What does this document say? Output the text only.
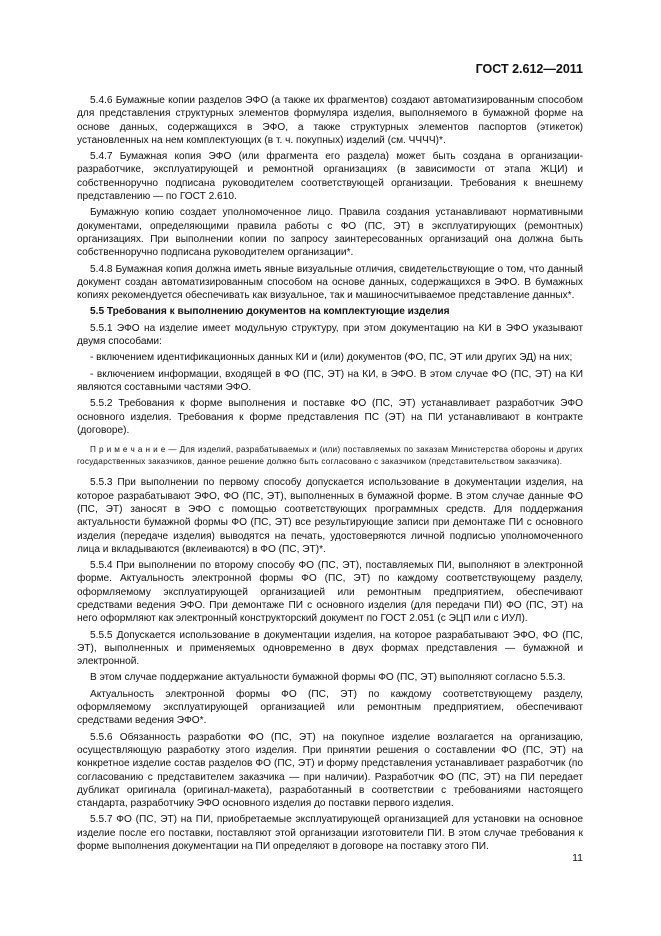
ГОСТ 2.612—2011

5.4.6 Бумажные копии разделов ЭФО (а также их фрагментов) создают автоматизированным способом для представления структурных элементов формуляра изделия, выполняемого в бумажной форме на основе данных, содержащихся в ЭФО, а также структурных элементов паспортов (этикеток) установленных на нем комплектующих (в т. ч. покупных) изделий (см. ЧЧЧЧ)*.

5.4.7 Бумажная копия ЭФО (или фрагмента его раздела) может быть создана в организации-разработчике, эксплуатирующей и ремонтной организациях (в зависимости от этапа ЖЦИ) и собственноручно подписана руководителем соответствующей организации. Требования к внешнему представлению — по ГОСТ 2.610.

Бумажную копию создает уполномоченное лицо. Правила создания устанавливают нормативными документами, определяющими правила работы с ФО (ПС, ЭТ) в эксплуатирующих (ремонтных) организациях. При выполнении копии по запросу заинтересованных организаций она должна быть собственноручно подписана руководителем организации*.

5.4.8 Бумажная копия должна иметь явные визуальные отличия, свидетельствующие о том, что данный документ создан автоматизированным способом на основе данных, содержащихся в ЭФО. В бумажных копиях рекомендуется обеспечивать как визуальное, так и машиносчитываемое представление данных*.

5.5 Требования к выполнению документов на комплектующие изделия

5.5.1 ЭФО на изделие имеет модульную структуру, при этом документацию на КИ в ЭФО указывают двумя способами:

- включением идентификационных данных КИ и (или) документов (ФО, ПС, ЭТ или других ЭД) на них;

- включением информации, входящей в ФО (ПС, ЭТ) на КИ, в ЭФО. В этом случае ФО (ПС, ЭТ) на КИ являются составными частями ЭФО.

5.5.2 Требования к форме выполнения и поставке ФО (ПС, ЭТ) устанавливает разработчик ЭФО основного изделия. Требования к форме представления ПС (ЭТ) на ПИ устанавливают в контракте (договоре).

П р и м е ч а н и е — Для изделий, разрабатываемых и (или) поставляемых по заказам Министерства обороны и других государственных заказчиков, данное решение должно быть согласовано с заказчиком (представительством заказчика).

5.5.3 При выполнении по первому способу допускается использование в документации изделия, на которое разрабатывают ЭФО, ФО (ПС, ЭТ), выполненных в бумажной форме. В этом случае данные ФО (ПС, ЭТ) заносят в ЭФО с помощью соответствующих программных средств. Для поддержания актуальности бумажной формы ФО (ПС, ЭТ) все результирующие записи при демонтаже ПИ с основного изделия (передаче изделия) выводятся на печать, удостоверяются личной подписью уполномоченного лица и вкладываются (вклеиваются) в ФО (ПС, ЭТ)*.

5.5.4 При выполнении по второму способу ФО (ПС, ЭТ), поставляемых ПИ, выполняют в электронной форме. Актуальность электронной формы ФО (ПС, ЭТ) по каждому соответствующему разделу, оформляемому эксплуатирующей организацией или ремонтным предприятием, обеспечивают средствами ведения ЭФО. При демонтаже ПИ с основного изделия (для передачи ПИ) ФО (ПС, ЭТ) на него оформляют как электронный конструкторский документ по ГОСТ 2.051 (с ЭЦП или с ИУЛ).

5.5.5 Допускается использование в документации изделия, на которое разрабатывают ЭФО, ФО (ПС, ЭТ), выполненных и применяемых одновременно в двух формах представления — бумажной и электронной.

В этом случае поддержание актуальности бумажной формы ФО (ПС, ЭТ) выполняют согласно 5.5.3.

Актуальность электронной формы ФО (ПС, ЭТ) по каждому соответствующему разделу, оформляемому эксплуатирующей организацией или ремонтным предприятием, обеспечивают средствами ведения ЭФО*.

5.5.6 Обязанность разработки ФО (ПС, ЭТ) на покупное изделие возлагается на организацию, осуществляющую разработку этого изделия. При принятии решения о составлении ФО (ПС, ЭТ) на конкретное изделие состав разделов ФО (ПС, ЭТ) и форму представления устанавливает разработчик (по согласованию с представителем заказчика — при наличии). Разработчик ФО (ПС, ЭТ) на ПИ передает дубликат оригинала (оригинал-макета), разработанный в соответствии с требованиями настоящего стандарта, разработчику ЭФО основного изделия до поставки первого изделия.

5.5.7 ФО (ПС, ЭТ) на ПИ, приобретаемые эксплуатирующей организацией для установки на основное изделие после его поставки, поставляют этой организации изготовители ПИ. В этом случае требования к форме выполнения документации на ПИ определяют в договоре на поставку этого ПИ.

11
